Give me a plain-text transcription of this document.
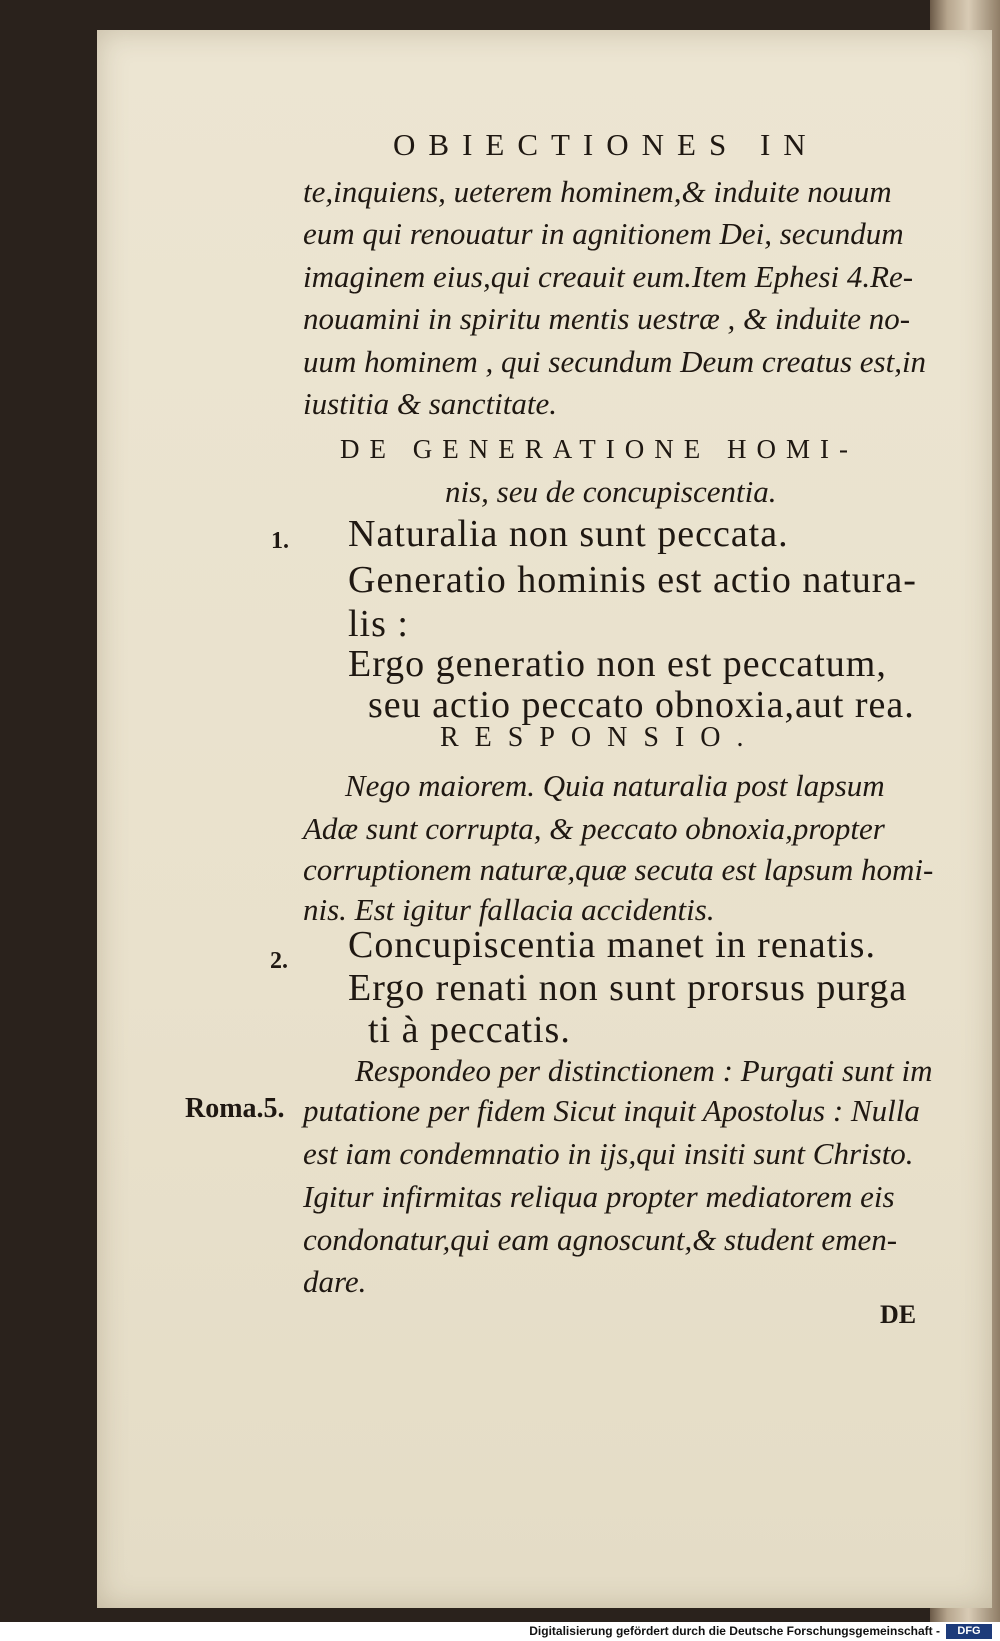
OBIECTIONES IN
te,inquiens, ueterem hominem,& induite nouum
eum qui renouatur in agnitionem Dei, secundum
imaginem eius,qui creauit eum.Item Ephesi 4.Re-
nouamini in spiritu mentis uestræ , & induite no-
uum hominem , qui secundum Deum creatus est,in
iustitia & sanctitate.
DE GENERATIONE HOMI-
nis, seu de concupiscentia.
1. Naturalia non sunt peccata.
Generatio hominis est actio natura-
lis :
Ergo generatio non est peccatum,
seu actio peccato obnoxia,aut rea.
RESPONSIO.
Nego maiorem. Quia naturalia post lapsum
Adæ sunt corrupta, & peccato obnoxia,propter
corruptionem naturæ,quæ secuta est lapsum homi-
nis. Est igitur fallacia accidentis.
2. Concupiscentia manet in renatis.
Ergo renati non sunt prorsus purga
ti à peccatis.
Respondeo per distinctionem : Purgati sunt im
Roma.5. putatione per fidem Sicut inquit Apostolus : Nulla
est iam condemnatio in ijs,qui insiti sunt Christo.
Igitur infirmitas reliqua propter mediatorem eis
condonatur,qui eam agnoscunt,& student emen-
dare.
DE
Digitalisierung gefördert durch die Deutsche Forschungsgemeinschaft -	DFG
